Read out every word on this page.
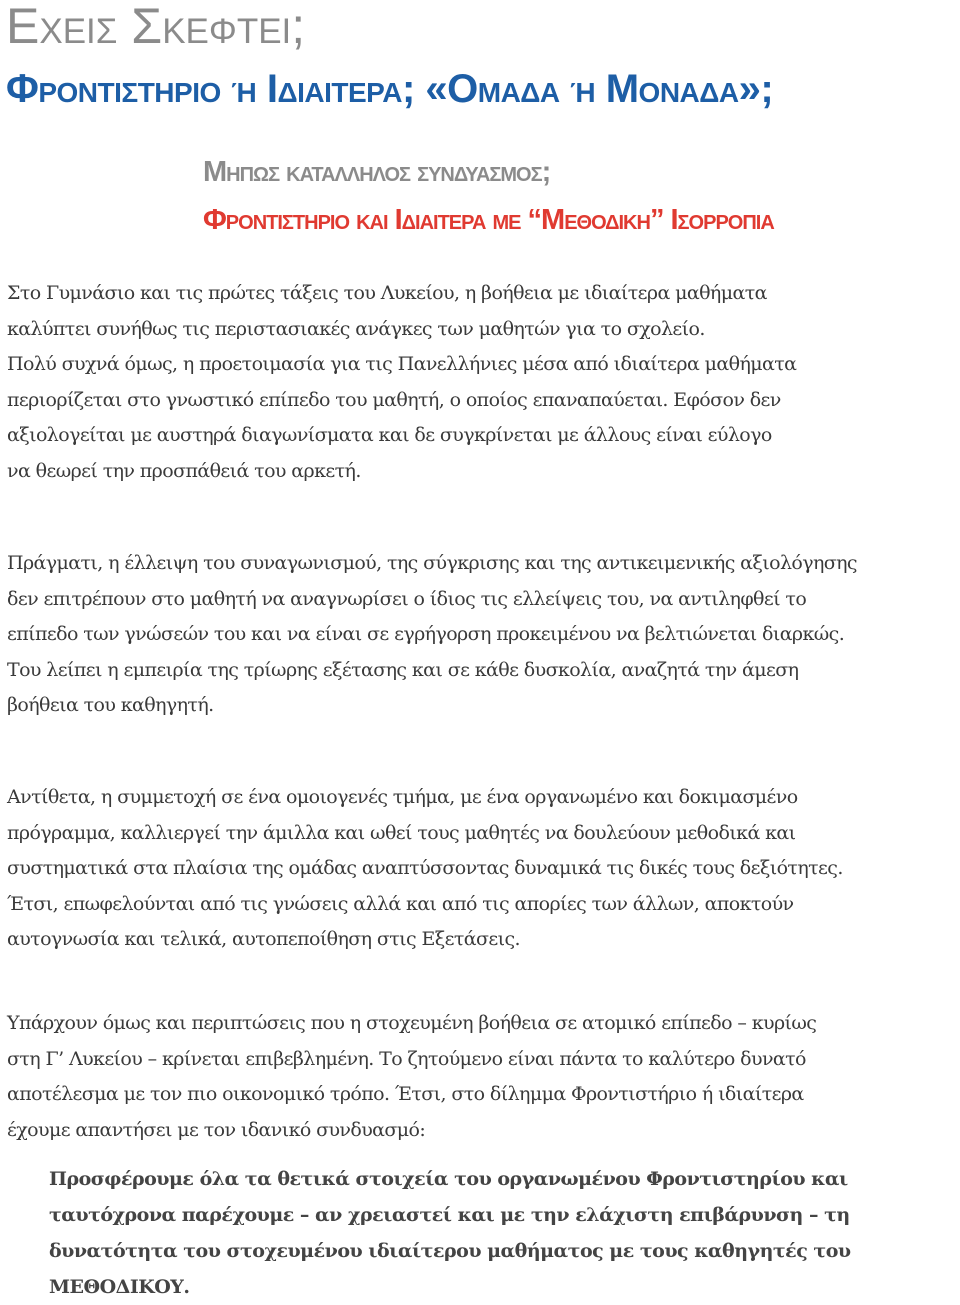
Εχεις Σκεφτει;
Φροντιστηριο ή Ιδιαιτερα; «Ομαδα ή Μοναδα»;
Μηπως καταλληλος συνδυασμος;
Φροντιστηριο και Ιδιαιτερα με “Μεθοδικη” Ισορροπια

Στο Γυμνάσιο και τις πρώτες τάξεις του Λυκείου, η βοήθεια με ιδιαίτερα μαθήματα
καλύπτει συνήθως τις περιστασιακές ανάγκες των μαθητών για το σχολείο.
Πολύ συχνά όμως, η προετοιμασία για τις Πανελλήνιες μέσα από ιδιαίτερα μαθήματα
περιορίζεται στο γνωστικό επίπεδο του μαθητή, ο οποίος επαναπαύεται. Εφόσον δεν
αξιολογείται με αυστηρά διαγωνίσματα και δε συγκρίνεται με άλλους είναι εύλογο
να θεωρεί την προσπάθειά του αρκετή.

Πράγματι, η έλλειψη του συναγωνισμού, της σύγκρισης και της αντικειμενικής αξιολόγησης
δεν επιτρέπουν στο μαθητή να αναγνωρίσει ο ίδιος τις ελλείψεις του, να αντιληφθεί το
επίπεδο των γνώσεών του και να είναι σε εγρήγορση προκειμένου να βελτιώνεται διαρκώς.
Του λείπει η εμπειρία της τρίωρης εξέτασης και σε κάθε δυσκολία, αναζητά την άμεση
βοήθεια του καθηγητή.

Αντίθετα, η συμμετοχή σε ένα ομοιογενές τμήμα, με ένα οργανωμένο και δοκιμασμένο
πρόγραμμα, καλλιεργεί την άμιλλα και ωθεί τους μαθητές να δουλεύουν μεθοδικά και
συστηματικά στα πλαίσια της ομάδας αναπτύσσοντας δυναμικά τις δικές τους δεξιότητες.
Έτσι, επωφελούνται από τις γνώσεις αλλά και από τις απορίες των άλλων, αποκτούν
αυτογνωσία και τελικά, αυτοπεποίθηση στις Εξετάσεις.

Υπάρχουν όμως και περιπτώσεις που η στοχευμένη βοήθεια σε ατομικό επίπεδο – κυρίως
στη Γ’ Λυκείου – κρίνεται επιβεβλημένη. Το ζητούμενο είναι πάντα το καλύτερο δυνατό
αποτέλεσμα με τον πιο οικονομικό τρόπο. Έτσι, στο δίλημμα Φροντιστήριο ή ιδιαίτερα
έχουμε απαντήσει με τον ιδανικό συνδυασμό:

Προσφέρουμε όλα τα θετικά στοιχεία του οργανωμένου Φροντιστηρίου και
ταυτόχρονα παρέχουμε – αν χρειαστεί και με την ελάχιστη επιβάρυνση – τη
δυνατότητα του στοχευμένου ιδιαίτερου μαθήματος με τους καθηγητές του
ΜΕΘΟΔΙΚΟΥ.
